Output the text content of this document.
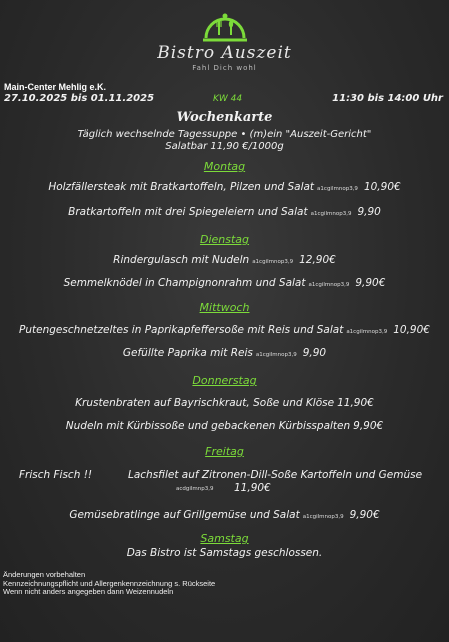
Bistro Auszeit
Fahl Dich wohl
Main-Center Mehlig e.K.
27.10.2025 bis 01.11.2025	KW 44	11:30 bis 14:00 Uhr
Wochenkarte
Täglich wechselnde Tagessuppe • (m)ein "Auszeit-Gericht"
Salatbar 11,90 €/1000g
Montag
Holzfällersteak mit Bratkartoffeln, Pilzen und Salat a1cgilmnop3,9 10,90€
Bratkartoffeln mit drei Spiegeleiern und Salat a1cgilmnop3,9 9,90
Dienstag
Rindergulasch mit Nudeln a1cgilmnop3,9 12,90€
Semmelknödel in Champignonrahm und Salat a1cgilmnop3,9 9,90€
Mittwoch
Putengeschnetzeltes in Paprikapfeffersoße mit Reis und Salat a1cgilmnop3,9 10,90€
Gefüllte Paprika mit Reis a1cgilmnop3,9 9,90
Donnerstag
Krustenbraten auf Bayrischkraut, Soße und Klöse 11,90€
Nudeln mit Kürbissoße und gebackenen Kürbisspalten 9,90€
Freitag
Frisch Fisch !!	Lachsfilet auf Zitronen-Dill-Soße Kartoffeln und Gemüse
acdgilmnp3,9 11,90€
Gemüsebratlinge auf Grillgemüse und Salat a1cgilmnop3,9 9,90€
Samstag
Das Bistro ist Samstags geschlossen.
Änderungen vorbehalten
Kennzeichnungspflicht und Allergenkennzeichnung s. Rückseite
Wenn nicht anders angegeben dann Weizennudeln
